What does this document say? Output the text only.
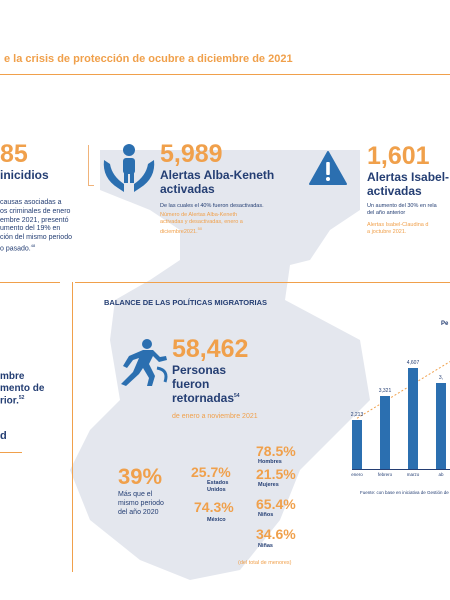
e la crisis de protección de ocubre a diciembre de 2021
85
inicidios
causas asociadas a
os criminales de enero
embre 2021, presentó
umento del 19% en
ción del mismo periodo
o pasado.$^{48}$
5,989
Alertas Alba-Keneth
activadas
De las cuales el 40% fueron desactivadas.
Número de Alertas Alba-Keneth
activadas y desactivadas, enero a
diciembre2021.50
1,601
Alertas Isabel-
activadas
Un aumento del 30% en rela
del año anterior
Alertas Isabel-Claudina d
a joctubre 2021.
mbre
mento de
rior.$^{52}$
d
BALANCE DE LAS POLÍTICAS MIGRATORIAS
58,462
Personas
fueron
retornadas$^{54}$
de enero a noviembre 2021
39%
Más que el
mismo periodo
del año 2020
25.7%
Estados
Unidos
74.3%
México
78.5%
Hombres
21.5%
Mujeres
65.4%
Niños
34.6%
Niñas
(del total de menores)
Pe
2,213
enero
3,321
febrero
4,607
marzo
3,
ab
Fuente: con base en iniciativa de Gestión de
